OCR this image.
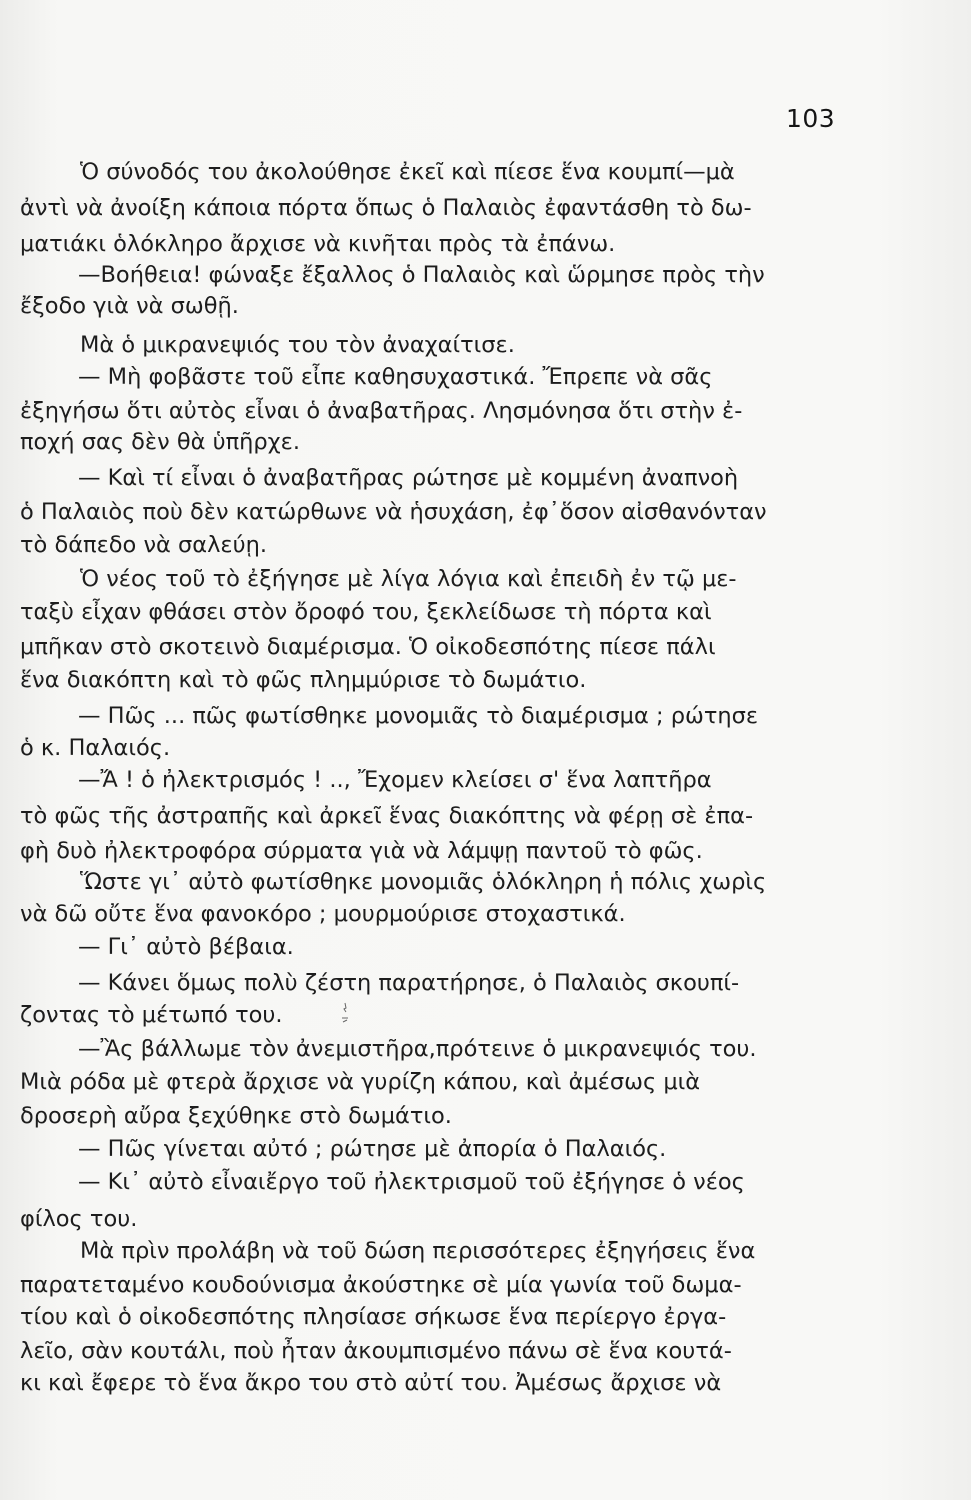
103
Ὁ σύνοδός του ἀκολούθησε ἐκεῖ καὶ πίεσε ἕνα κουμπί—μὰ
ἀντὶ νὰ ἀνοίξη κάποια πόρτα ὅπως ὁ Παλαιὸς ἐφαντάσθη τὸ δω-
ματιάκι ὁλόκληρο ἄρχισε νὰ κινῆται πρὸς τὰ ἐπάνω.
—Βοήθεια! φώναξε ἔξαλλος ὁ Παλαιὸς καὶ ὥρμησε πρὸς τὴν
ἔξοδο γιὰ νὰ σωθῇ.
Μὰ ὁ μικρανεψιός του τὸν ἀναχαίτισε.
— Μὴ φοβᾶστε τοῦ εἶπε καθησυχαστικά. Ἔπρεπε νὰ σᾶς
ἐξηγήσω ὅτι αὐτὸς εἶναι ὁ ἀναβατῆρας. Λησμόνησα ὅτι στὴν ἐ-
ποχή σας δὲν θὰ ὑπῆρχε.
— Καὶ τί εἶναι ὁ ἀναβατῆρας ρώτησε μὲ κομμένη ἀναπνοὴ
ὁ Παλαιὸς ποὺ δὲν κατώρθωνε νὰ ἡσυχάση, ἐφ᾿ὅσον αἰσθανόνταν
τὸ δάπεδο νὰ σαλεύῃ.
Ὁ νέος τοῦ τὸ ἐξήγησε μὲ λίγα λόγια καὶ ἐπειδὴ ἐν τῷ με-
ταξὺ εἶχαν φθάσει στὸν ὄροφό του, ξεκλείδωσε τὴ πόρτα καὶ
μπῆκαν στὸ σκοτεινὸ διαμέρισμα. Ὁ οἰκοδεσπότης πίεσε πάλι
ἕνα διακόπτη καὶ τὸ φῶς πλημμύρισε τὸ δωμάτιο.
— Πῶς ... πῶς φωτίσθηκε μονομιᾶς τὸ διαμέρισμα ; ρώτησε
ὁ κ. Παλαιός.
—Ἄ ! ὁ ἠλεκτρισμός ! .., Ἔχομεν κλείσει σ' ἕνα λαπτῆρα
τὸ φῶς τῆς ἀστραπῆς καὶ ἀρκεῖ ἕνας διακόπτης νὰ φέρῃ σὲ ἐπα-
φὴ δυὸ ἠλεκτροφόρα σύρματα γιὰ νὰ λάμψῃ παντοῦ τὸ φῶς.
Ὥστε γι᾿ αὐτὸ φωτίσθηκε μονομιᾶς ὁλόκληρη ἡ πόλις χωρὶς
νὰ δῶ οὔτε ἕνα φανοκόρο ; μουρμούρισε στοχαστικά.
— Γι᾿ αὐτὸ βέβαια.
— Κάνει ὅμως πολὺ ζέστη παρατήρησε, ὁ Παλαιὸς σκουπί-
ζοντας τὸ μέτωπό του.
—Ἂς βάλλωμε τὸν ἀνεμιστῆρα,πρότεινε ὁ μικρανεψιός του.
Μιὰ ρόδα μὲ φτερὰ ἄρχισε νὰ γυρίζη κάπου, καὶ ἀμέσως μιὰ
δροσερὴ αὔρα ξεχύθηκε στὸ δωμάτιο.
— Πῶς γίνεται αὐτό ; ρώτησε μὲ ἀπορία ὁ Παλαιός.
— Κι᾿ αὐτὸ εἶναιἔργο τοῦ ἠλεκτρισμοῦ τοῦ ἐξήγησε ὁ νέος
φίλος του.
Μὰ πρὶν προλάβη νὰ τοῦ δώση περισσότερες ἐξηγήσεις ἕνα
παρατεταμένο κουδούνισμα ἀκούστηκε σὲ μία γωνία τοῦ δωμα-
τίου καὶ ὁ οἰκοδεσπότης πλησίασε σήκωσε ἕνα περίεργο ἐργα-
λεῖο, σὰν κουτάλι, ποὺ ἦταν ἀκουμπισμένο πάνω σὲ ἕνα κουτά-
κι καὶ ἔφερε τὸ ἕνα ἄκρο του στὸ αὐτί του. Ἀμέσως ἄρχισε νὰ
